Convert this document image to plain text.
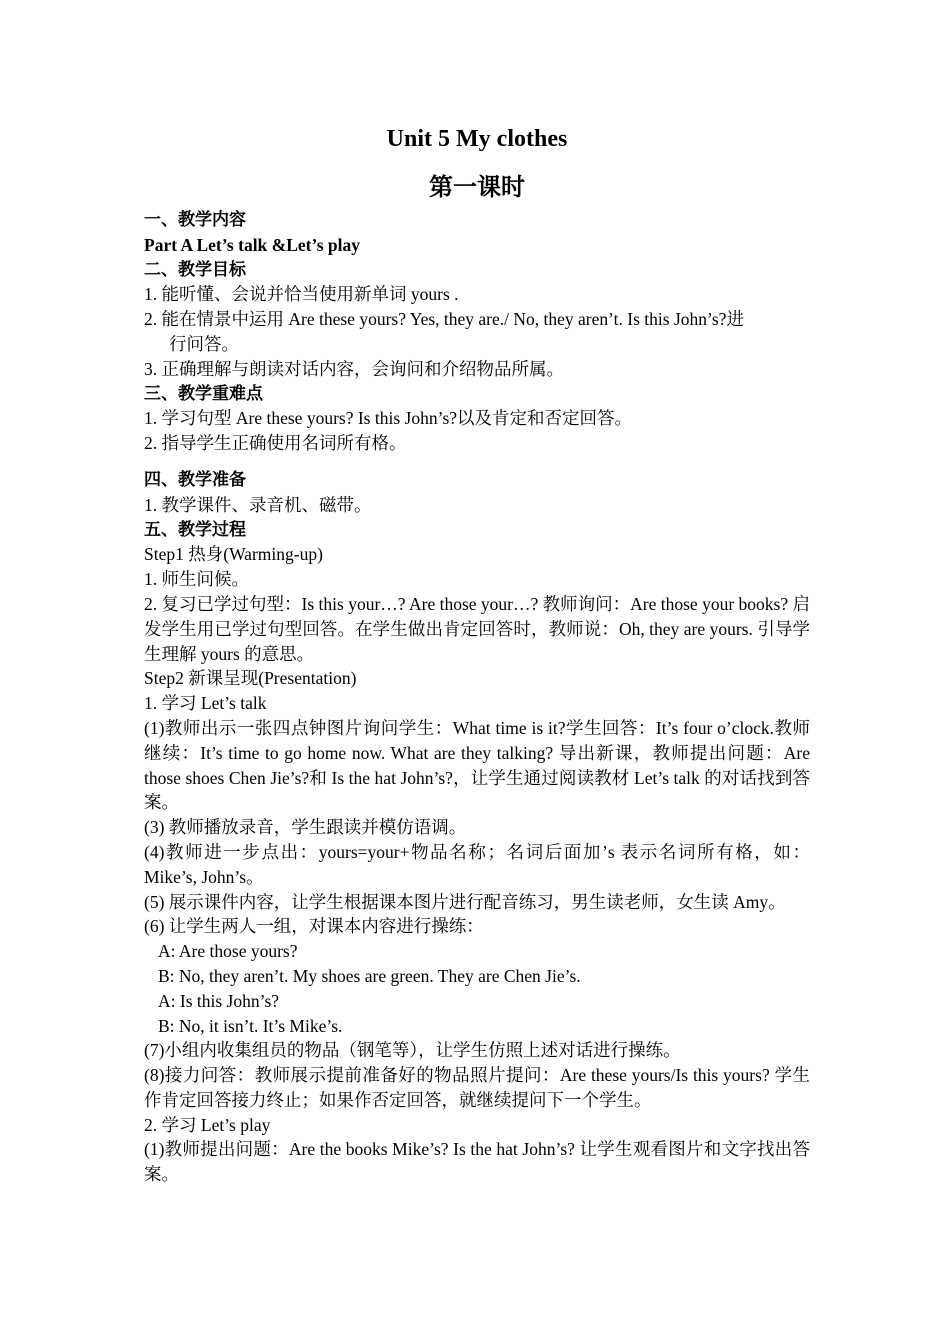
Unit 5 My clothes
第一课时

一、教学内容

Part A Let’s talk &Let’s play

二、教学目标

1. 能听懂、会说并恰当使用新单词 yours .

2. 能在情景中运用 Are these yours? Yes, they are./ No, they aren’t. Is this John’s?进

行问答。

3. 正确理解与朗读对话内容，会询问和介绍物品所属。

三、教学重难点

1. 学习句型 Are these yours? Is this John’s?以及肯定和否定回答。

2. 指导学生正确使用名词所有格。

四、教学准备

1. 教学课件、录音机、磁带。

五、教学过程

Step1 热身(Warming-up)

1. 师生问候。

2. 复习已学过句型：Is this your…? Are those your…? 教师询问：Are those your books? 启发学生用已学过句型回答。在学生做出肯定回答时，教师说：Oh, they are yours. 引导学生理解 yours 的意思。

Step2 新课呈现(Presentation)

1. 学习 Let’s talk

(1)教师出示一张四点钟图片询问学生：What time is it?学生回答：It’s four o’clock.教师继续：It’s time to go home now. What are they talking? 导出新课，教师提出问题：Are those shoes Chen Jie’s?和 Is the hat John’s?，让学生通过阅读教材 Let’s talk 的对话找到答案。

(3) 教师播放录音，学生跟读并模仿语调。

(4)教师进一步点出：yours=your+物品名称；名词后面加’s 表示名词所有格，如：Mike’s, John’s。

(5) 展示课件内容，让学生根据课本图片进行配音练习，男生读老师，女生读 Amy。

(6) 让学生两人一组，对课本内容进行操练：

A: Are those yours?

B: No, they aren’t. My shoes are green. They are Chen Jie’s.

A: Is this John’s?

B: No, it isn’t. It’s Mike’s.

(7)小组内收集组员的物品（钢笔等），让学生仿照上述对话进行操练。

(8)接力问答：教师展示提前准备好的物品照片提问：Are these yours/Is this yours? 学生作肯定回答接力终止；如果作否定回答，就继续提问下一个学生。

2. 学习 Let’s play

(1)教师提出问题：Are the books Mike’s? Is the hat John’s? 让学生观看图片和文字找出答案。
